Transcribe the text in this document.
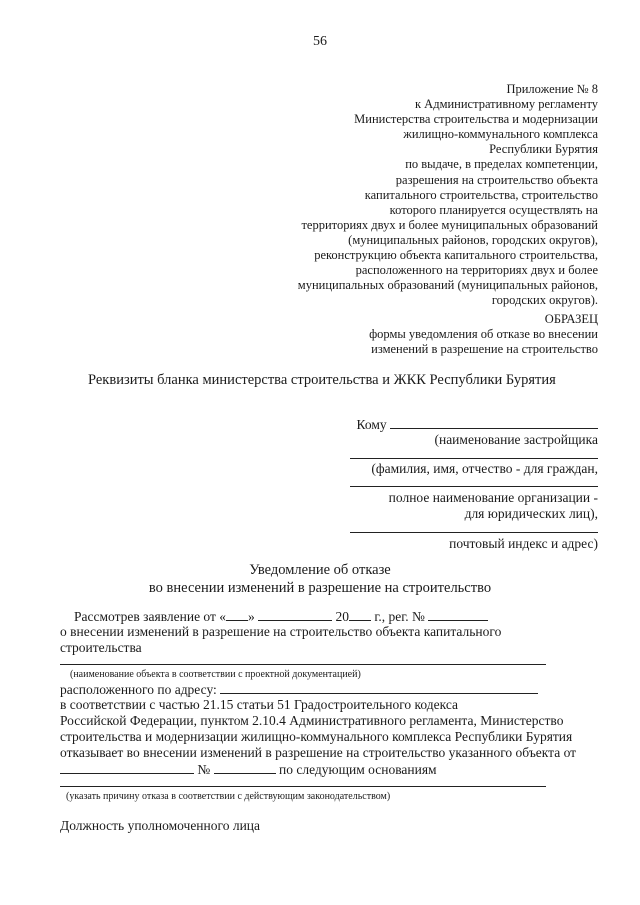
56
Приложение № 8
к Административному регламенту
Министерства строительства и модернизации
жилищно-коммунального комплекса
Республики Бурятия
по выдаче, в пределах компетенции,
разрешения на строительство объекта
капитального строительства, строительство
которого планируется осуществлять на
территориях двух и более муниципальных образований
(муниципальных районов, городских округов),
реконструкцию объекта капитального строительства,
расположенного на территориях двух и более
муниципальных образований (муниципальных районов,
городских округов).
ОБРАЗЕЦ
формы уведомления об отказе во внесении
изменений в разрешение на строительство
Реквизиты бланка министерства строительства и ЖКК Республики Бурятия
Кому
(наименование застройщика
(фамилия, имя, отчество - для граждан,
полное наименование организации -
для юридических лиц),
почтовый индекс и адрес)
Уведомление об отказе
во внесении изменений в разрешение на строительство
Рассмотрев заявление от « »	20 г., рег. №
о внесении изменений в разрешение на строительство объекта капитального
строительства
(наименование объекта в соответствии с проектной документацией)
расположенного по адресу:
в соответствии с частью 21.15 статьи 51 Градостроительного кодекса
Российской Федерации, пунктом 2.10.4 Административного регламента, Министерство
строительства и модернизации жилищно-коммунального комплекса Республики Бурятия
отказывает во внесении изменений в разрешение на строительство указанного объекта от
№	по следующим основаниям
(указать причину отказа в соответствии с действующим законодательством)
Должность уполномоченного лица
